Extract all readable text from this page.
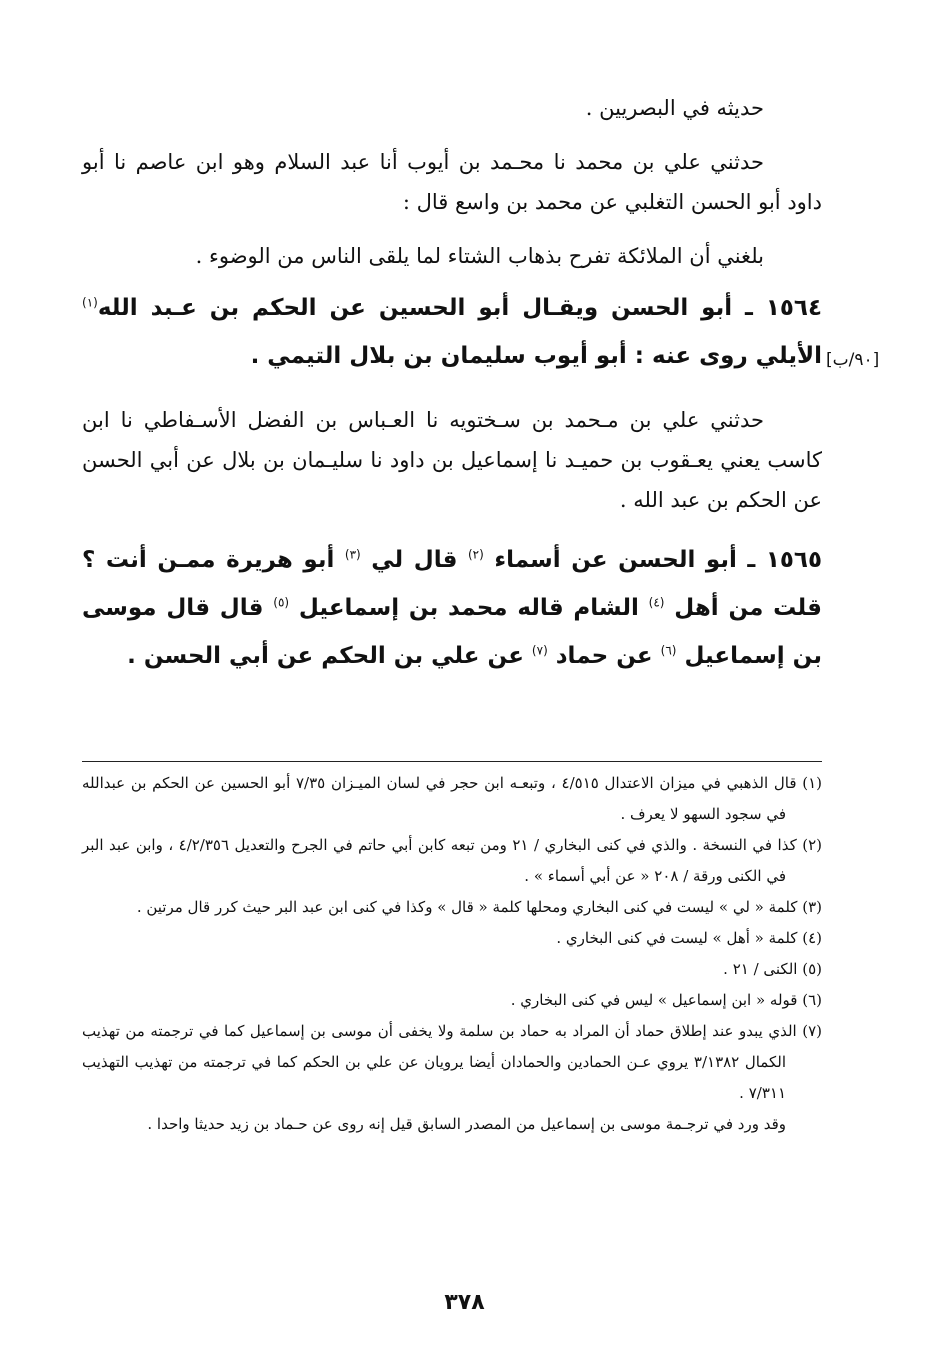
[٩٠/ب]

حديثه في البصريين .

حدثني علي بن محمد نا محـمد بن أيوب أنا عبد السلام وهو ابن عاصم نا أبو داود أبو الحسن التغلبي عن محمد بن واسع قال :

بلغني أن الملائكة تفرح بذهاب الشتاء لما يلقى الناس من الوضوء .

١٥٦٤ ـ أبو الحسن ويقـال أبو الحسين عن الحكم بن عـبد الله$^{(١)}$ الأيلي روى عنه : أبو أيوب سليمان بن بلال التيمي .

حدثني علي بن مـحمد بن سـختويه نا العـباس بن الفضل الأسـفاطي نا ابن كاسب يعني يعـقوب بن حميـد نا إسماعيل بن داود نا سليـمان بن بلال عن أبي الحسن عن الحكم بن عبد الله .

١٥٦٥ ـ أبو الحسن عن أسماء $^{(٢)}$ قال لي $^{(٣)}$ أبو هريرة ممـن أنت ؟ قلت من أهل $^{(٤)}$ الشام قاله محمد بن إسماعيل $^{(٥)}$ قال قال موسى بن إسماعيل $^{(٦)}$ عن حماد $^{(٧)}$ عن علي بن الحكم عن أبي الحسن .

(١) قال الذهبي في ميزان الاعتدال ٤/٥١٥ ، وتبعـه ابن حجر في لسان الميـزان ٧/٣٥ أبو الحسين عن الحكم بن عبدالله في سجود السهو لا يعرف .

(٢) كذا في النسخة . والذي في كنى البخاري / ٢١ ومن تبعه كابن أبي حاتم في الجرح والتعديل ٤/٢/٣٥٦ ، وابن عبد البر في الكنى ورقة / ٢٠٨ « عن أبي أسماء » .

(٣) كلمة « لي » ليست في كنى البخاري ومحلها كلمة « قال » وكذا في كنى ابن عبد البر حيث كرر قال مرتين .

(٤) كلمة « أهل » ليست في كنى البخاري .

(٥) الكنى / ٢١ .

(٦) قوله « ابن إسماعيل » ليس في كنى البخاري .

(٧) الذي يبدو عند إطلاق حماد أن المراد به حماد بن سلمة ولا يخفى أن موسى بن إسماعيل كما في ترجمته من تهذيب الكمال ٣/١٣٨٢ يروي عـن الحمادين والحمادان أيضا يرويان عن علي بن الحكم كما في ترجمته من تهذيب التهذيب ٧/٣١١ .

وقد ورد في ترجـمة موسى بن إسماعيل من المصدر السابق قيل إنه روى عن حـماد بن زيد حديثا واحدا .

٣٧٨
